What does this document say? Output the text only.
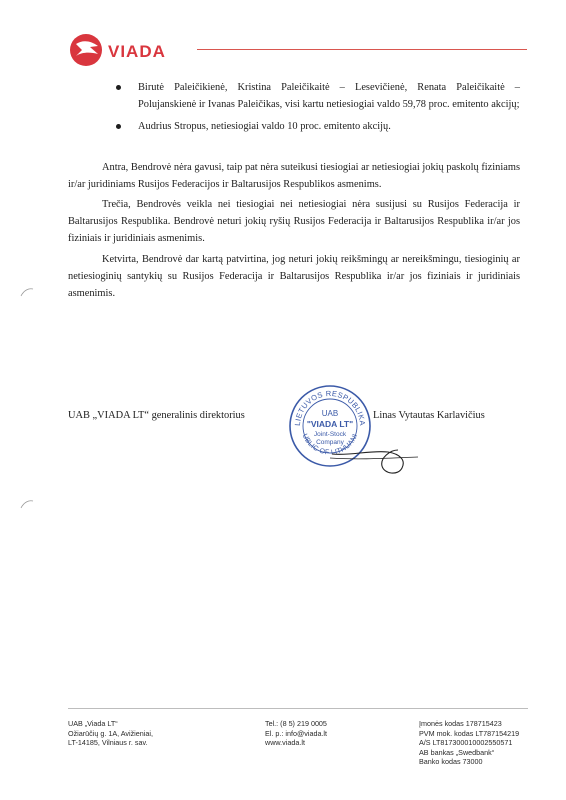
VIADA
Birutė Paleičikienė, Kristina Paleičikaitė – Lesevičienė, Renata Paleičikaitė – Polujanskienė ir Ivanas Paleičikas, visi kartu netiesiogiai valdo 59,78 proc. emitento akcijų;
Audrius Stropus, netiesiogiai valdo 10 proc. emitento akcijų.

Antra, Bendrovė nėra gavusi, taip pat nėra suteikusi tiesiogiai ar netiesiogiai jokių paskolų fiziniams ir/ar juridiniams Rusijos Federacijos ir Baltarusijos Respublikos asmenims.

Trečia, Bendrovės veikla nei tiesiogiai nei netiesiogiai nėra susijusi su Rusijos Federacija ir Baltarusijos Respublika. Bendrovė neturi jokių ryšių Rusijos Federacija ir Baltarusijos Respublika ir/ar jos fiziniais ir juridiniais asmenimis.

Ketvirta, Bendrovė dar kartą patvirtina, jog neturi jokių reikšmingų ar nereikšmingu, tiesioginių ar netiesioginių santykių su Rusijos Federacija ir Baltarusijos Respublika ir/ar jos fiziniais ir juridiniais asmenimis.

UAB „VIADA LT“ generalinis direktorius
LIETUVOS RESPUBLIKA
UBLIC OF LITHUANI
UAB
"VIADA LT"
Joint-Stock
Company
Linas Vytautas Karlavičius
UAB „Viada LT“
Ožiarūčių g. 1A, Avižieniai,
LT-14185, Vilniaus r. sav.
Tel.: (8 5) 219 0005
El. p.: info@viada.lt
www.viada.lt
Įmonės kodas 178715423
PVM mok. kodas LT787154219
A/S LT817300010002550571
AB bankas „Swedbank“
Banko kodas 73000
